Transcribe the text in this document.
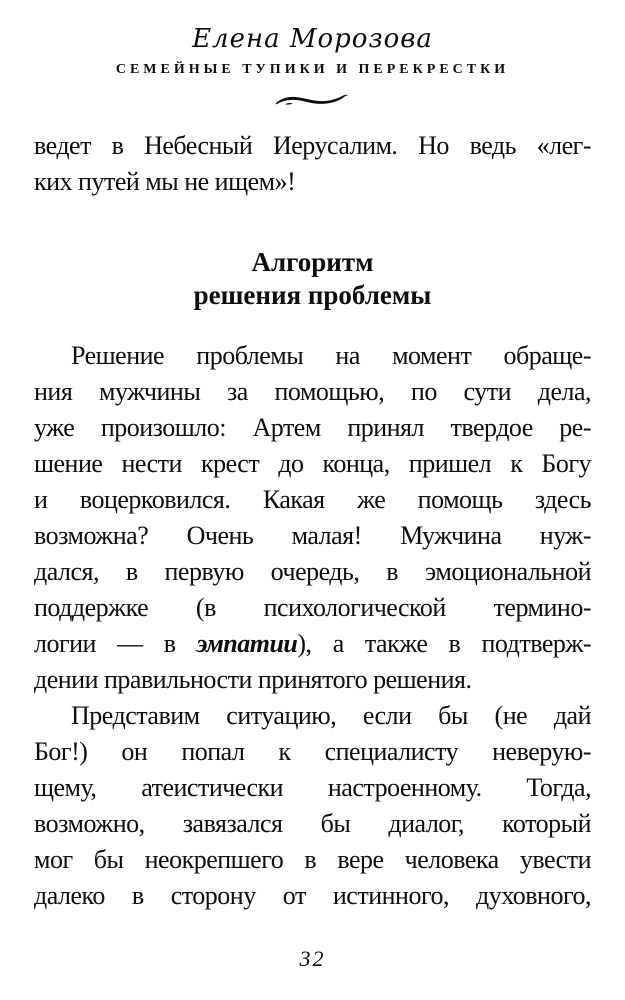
Елена Морозова
СЕМЕЙНЫЕ ТУПИКИ И ПЕРЕКРЕСТКИ
ведет в Небесный Иерусалим. Но ведь «лег-
ких путей мы не ищем»!
Алгоритм
решения проблемы
Решение проблемы на момент обраще-
ния мужчины за помощью, по сути дела,
уже произошло: Артем принял твердое ре-
шение нести крест до конца, пришел к Богу
и воцерковился. Какая же помощь здесь
возможна? Очень малая! Мужчина нуж-
дался, в первую очередь, в эмоциональной
поддержке (в психологической термино-
логии — в эмпатии), а также в подтверж-
дении правильности принятого решения.
Представим ситуацию, если бы (не дай
Бог!) он попал к специалисту неверую-
щему, атеистически настроенному. Тогда,
возможно, завязался бы диалог, который
мог бы неокрепшего в вере человека увести
далеко в сторону от истинного, духовного,
32
